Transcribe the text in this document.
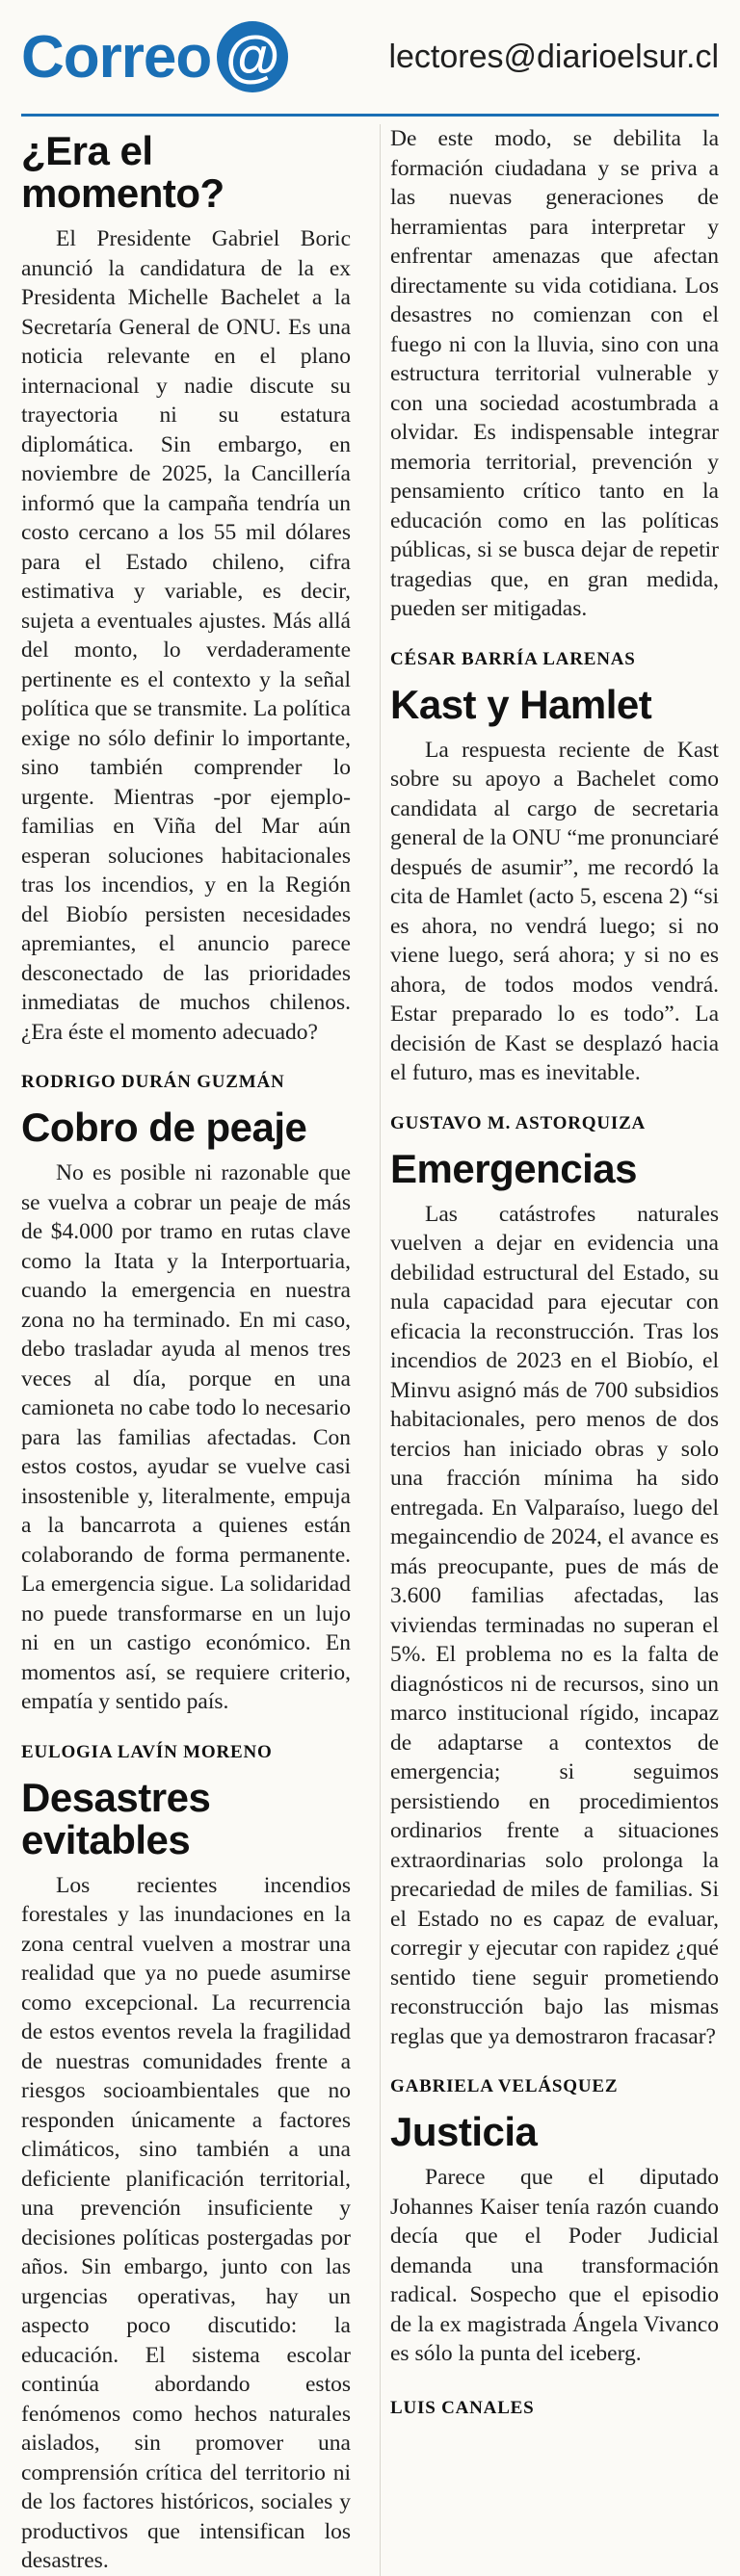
Correo @	lectores@diarioelsur.cl
¿Era el momento?

El Presidente Gabriel Boric anunció la candidatura de la ex Presidenta Michelle Bachelet a la Secretaría General de ONU. Es una noticia relevante en el plano internacional y nadie discute su trayectoria ni su estatura diplomática. Sin embargo, en noviembre de 2025, la Cancillería informó que la campaña tendría un costo cercano a los 55 mil dólares para el Estado chileno, cifra estimativa y variable, es decir, sujeta a eventuales ajustes. Más allá del monto, lo verdaderamente pertinente es el contexto y la señal política que se transmite. La política exige no sólo definir lo importante, sino también comprender lo urgente. Mientras -por ejemplo- familias en Viña del Mar aún esperan soluciones habitacionales tras los incendios, y en la Región del Biobío persisten necesidades apremiantes, el anuncio parece desconectado de las prioridades inmediatas de muchos chilenos. ¿Era éste el momento adecuado?

RODRIGO DURÁN GUZMÁN
Cobro de peaje

No es posible ni razonable que se vuelva a cobrar un peaje de más de $4.000 por tramo en rutas clave como la Itata y la Interportuaria, cuando la emergencia en nuestra zona no ha terminado. En mi caso, debo trasladar ayuda al menos tres veces al día, porque en una camioneta no cabe todo lo necesario para las familias afectadas. Con estos costos, ayudar se vuelve casi insostenible y, literalmente, empuja a la bancarrota a quienes están colaborando de forma permanente. La emergencia sigue. La solidaridad no puede transformarse en un lujo ni en un castigo económico. En momentos así, se requiere criterio, empatía y sentido país.

EULOGIA LAVÍN MORENO
Desastres evitables

Los recientes incendios forestales y las inundaciones en la zona central vuelven a mostrar una realidad que ya no puede asumirse como excepcional. La recurrencia de estos eventos revela la fragilidad de nuestras comunidades frente a riesgos socioambientales que no responden únicamente a factores climáticos, sino también a una deficiente planificación territorial, una prevención insuficiente y decisiones políticas postergadas por años. Sin embargo, junto con las urgencias operativas, hay un aspecto poco discutido: la educación. El sistema escolar continúa abordando estos fenómenos como hechos naturales aislados, sin promover una comprensión crítica del territorio ni de los factores históricos, sociales y productivos que intensifican los desastres.

De este modo, se debilita la formación ciudadana y se priva a las nuevas generaciones de herramientas para interpretar y enfrentar amenazas que afectan directamente su vida cotidiana. Los desastres no comienzan con el fuego ni con la lluvia, sino con una estructura territorial vulnerable y con una sociedad acostumbrada a olvidar. Es indispensable integrar memoria territorial, prevención y pensamiento crítico tanto en la educación como en las políticas públicas, si se busca dejar de repetir tragedias que, en gran medida, pueden ser mitigadas.

CÉSAR BARRÍA LARENAS
Kast y Hamlet

La respuesta reciente de Kast sobre su apoyo a Bachelet como candidata al cargo de secretaria general de la ONU “me pronunciaré después de asumir”, me recordó la cita de Hamlet (acto 5, escena 2) “si es ahora, no vendrá luego; si no viene luego, será ahora; y si no es ahora, de todos modos vendrá. Estar preparado lo es todo”. La decisión de Kast se desplazó hacia el futuro, mas es inevitable.

GUSTAVO M. ASTORQUIZA
Emergencias

Las catástrofes naturales vuelven a dejar en evidencia una debilidad estructural del Estado, su nula capacidad para ejecutar con eficacia la reconstrucción. Tras los incendios de 2023 en el Biobío, el Minvu asignó más de 700 subsidios habitacionales, pero menos de dos tercios han iniciado obras y solo una fracción mínima ha sido entregada. En Valparaíso, luego del megaincendio de 2024, el avance es más preocupante, pues de más de 3.600 familias afectadas, las viviendas terminadas no superan el 5%. El problema no es la falta de diagnósticos ni de recursos, sino un marco institucional rígido, incapaz de adaptarse a contextos de emergencia; si seguimos persistiendo en procedimientos ordinarios frente a situaciones extraordinarias solo prolonga la precariedad de miles de familias. Si el Estado no es capaz de evaluar, corregir y ejecutar con rapidez ¿qué sentido tiene seguir prometiendo reconstrucción bajo las mismas reglas que ya demostraron fracasar?

GABRIELA VELÁSQUEZ
Justicia

Parece que el diputado Johannes Kaiser tenía razón cuando decía que el Poder Judicial demanda una transformación radical. Sospecho que el episodio de la ex magistrada Ángela Vivanco es sólo la punta del iceberg.

LUIS CANALES
